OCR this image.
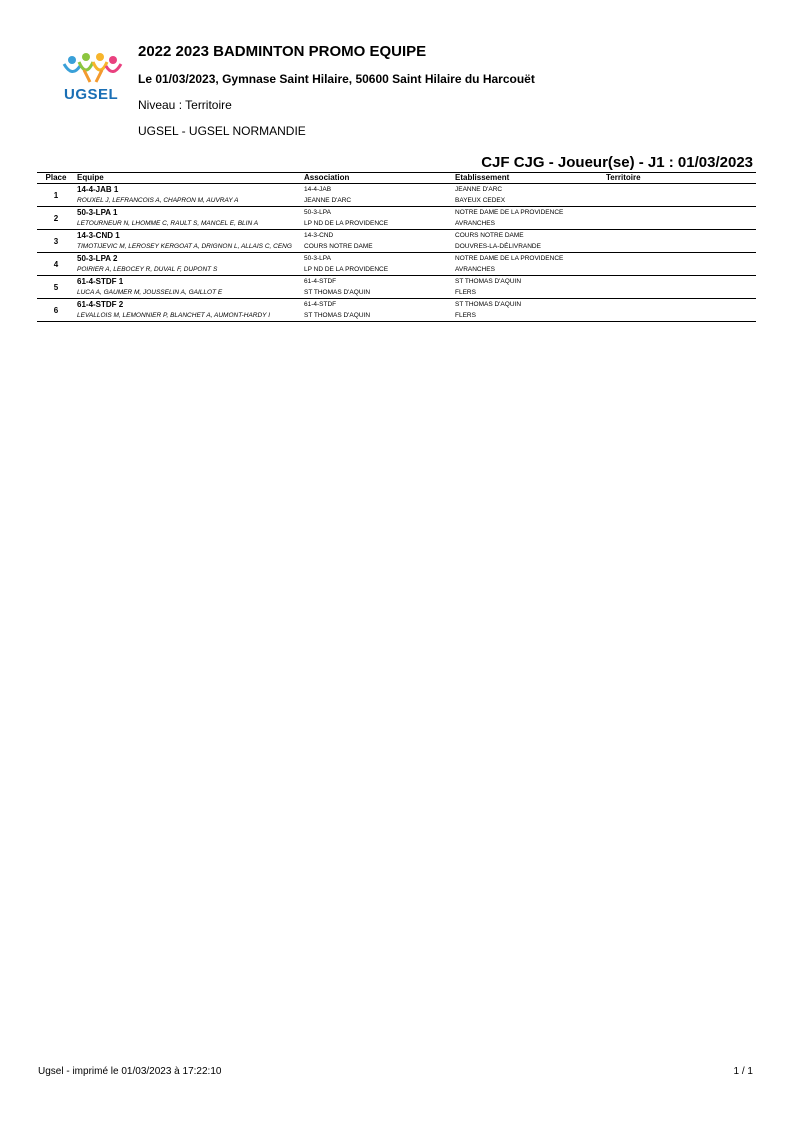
UGSEL
2022 2023 BADMINTON PROMO EQUIPE
Le 01/03/2023, Gymnase Saint Hilaire, 50600 Saint Hilaire du Harcouët
Niveau : Territoire
UGSEL - UGSEL NORMANDIE
CJF CJG - Joueur(se) - J1 : 01/03/2023
Place	Equipe	Association	Etablissement	Territoire
1	14-4-JAB 1	14-4-JAB	JEANNE D'ARC	
	ROUXEL J, LEFRANCOIS A, CHAPRON M, AUVRAY A	JEANNE D'ARC	BAYEUX CEDEX	
2	50-3-LPA 1	50-3-LPA	NOTRE DAME DE LA PROVIDENCE	
	LETOURNEUR N, LHOMME C, RAULT S, MANCEL E, BLIN A	LP ND DE LA PROVIDENCE	AVRANCHES	
3	14-3-CND 1	14-3-CND	COURS NOTRE DAME	
	TIMOTIJEVIC M, LEROSEY KERGOAT A, DRIGNON L, ALLAIS C, CENG	COURS NOTRE DAME	DOUVRES-LA-DÉLIVRANDE	
4	50-3-LPA 2	50-3-LPA	NOTRE DAME DE LA PROVIDENCE	
	POIRIER A, LEBOCEY R, DUVAL F, DUPONT S	LP ND DE LA PROVIDENCE	AVRANCHES	
5	61-4-STDF 1	61-4-STDF	ST THOMAS D'AQUIN	
	LUCA A, GAUMER M, JOUSSELIN A, GAILLOT E	ST THOMAS D'AQUIN	FLERS	
6	61-4-STDF 2	61-4-STDF	ST THOMAS D'AQUIN	
	LEVALLOIS M, LEMONNIER P, BLANCHET A, AUMONT-HARDY I	ST THOMAS D'AQUIN	FLERS	
Ugsel - imprimé le 01/03/2023 à 17:22:10	1 / 1
